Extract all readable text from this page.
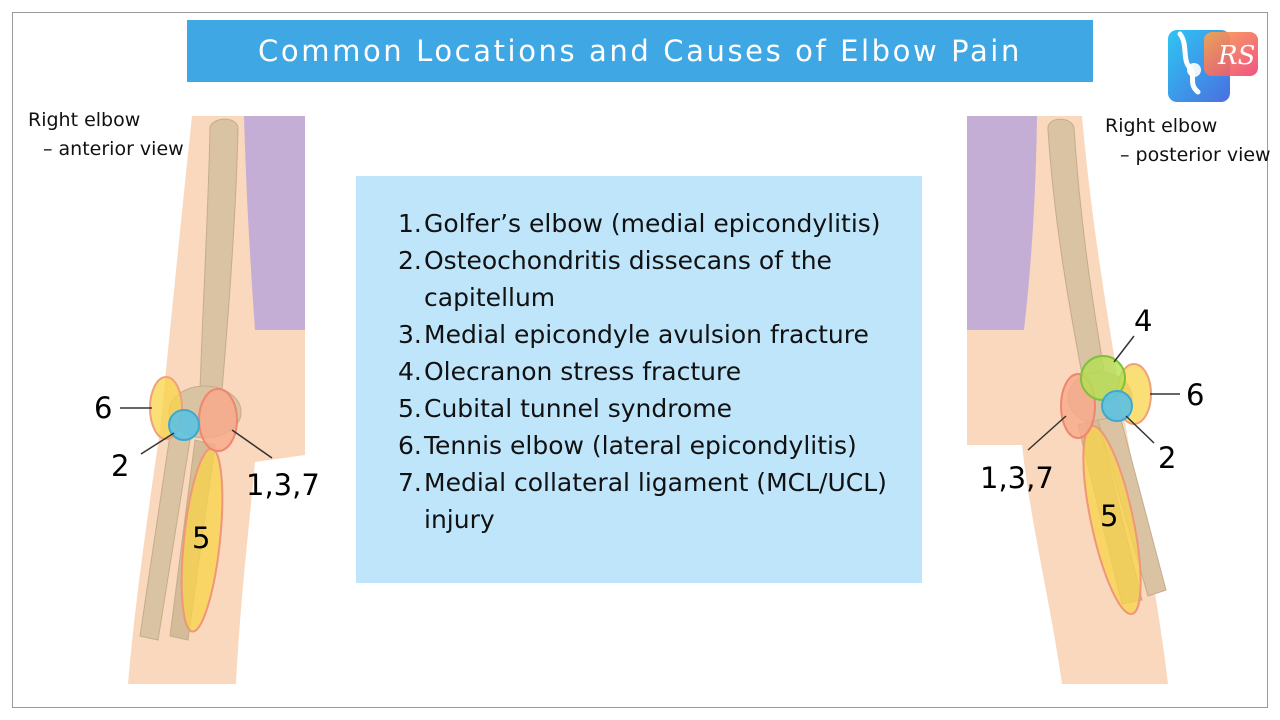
Common Locations and Causes of Elbow Pain	RS
Right elbow
– anterior view
Right elbow
– posterior view
6
2
1,3,7
5
4
6
2
1,3,7
5
1. Golfer’s elbow (medial epicondylitis)
2. Osteochondritis dissecans of the capitellum
3. Medial epicondyle avulsion fracture
4. Olecranon stress fracture
5. Cubital tunnel syndrome
6. Tennis elbow (lateral epicondylitis)
7. Medial collateral ligament (MCL/UCL) injury
